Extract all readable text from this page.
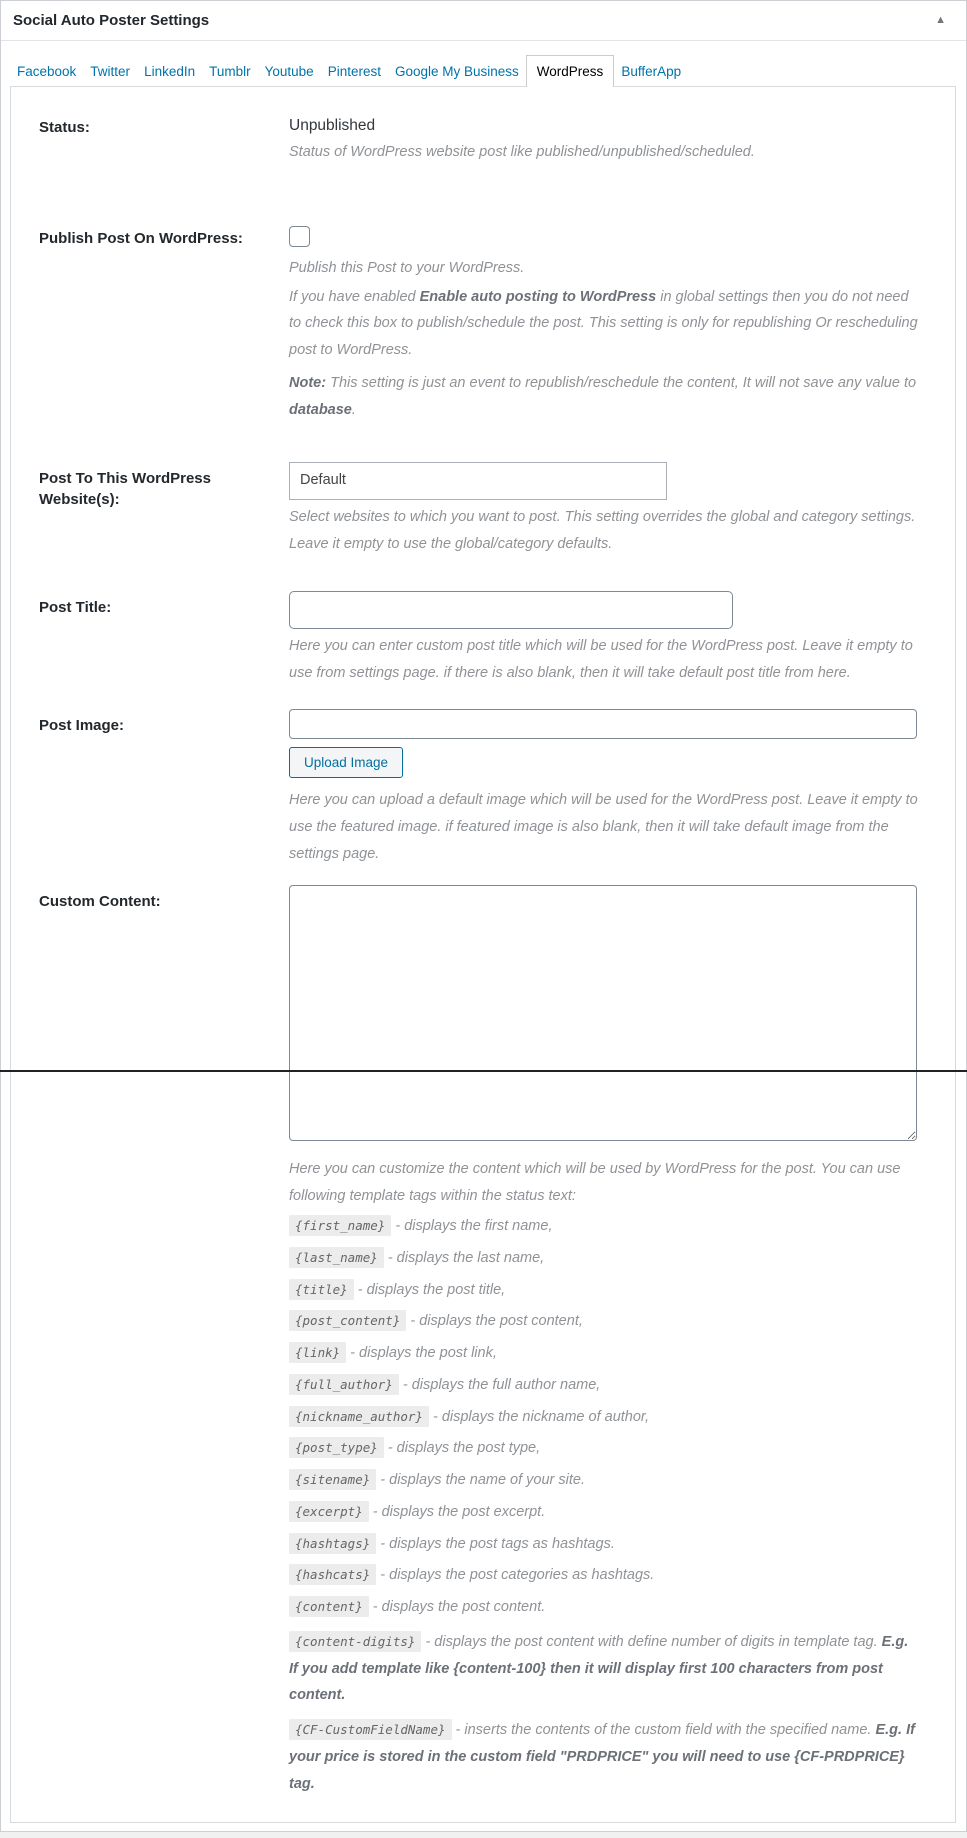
Social Auto Poster Settings	▲
Facebook	Twitter	LinkedIn	Tumblr	Youtube	Pinterest	Google My Business	WordPress	BufferApp
Status:	Unpublished

Status of WordPress website post like published/unpublished/scheduled.

Publish Post On WordPress:

Publish this Post to your WordPress.

If you have enabled Enable auto posting to WordPress in global settings then you do not need to check this box to publish/schedule the post. This setting is only for republishing Or rescheduling post to WordPress.

Note: This setting is just an event to republish/reschedule the content, It will not save any value to database.

Post To This WordPress Website(s):
Default

Select websites to which you want to post. This setting overrides the global and category settings. Leave it empty to use the global/category defaults.

Post Title:

Here you can enter custom post title which will be used for the WordPress post. Leave it empty to use from settings page. if there is also blank, then it will take default post title from here.

Post Image:
Upload Image

Here you can upload a default image which will be used for the WordPress post. Leave it empty to use the featured image. if featured image is also blank, then it will take default image from the settings page.

Custom Content:

Here you can customize the content which will be used by WordPress for the post. You can use following template tags within the status text:

{first_name} - displays the first name,
{last_name} - displays the last name,
{title} - displays the post title,
{post_content} - displays the post content,
{link} - displays the post link,
{full_author} - displays the full author name,
{nickname_author} - displays the nickname of author,
{post_type} - displays the post type,
{sitename} - displays the name of your site.
{excerpt} - displays the post excerpt.
{hashtags} - displays the post tags as hashtags.
{hashcats} - displays the post categories as hashtags.
{content} - displays the post content.

{content-digits} - displays the post content with define number of digits in template tag. E.g. If you add template like {content-100} then it will display first 100 characters from post content.

{CF-CustomFieldName} - inserts the contents of the custom field with the specified name. E.g. If your price is stored in the custom field "PRDPRICE" you will need to use {CF-PRDPRICE} tag.
